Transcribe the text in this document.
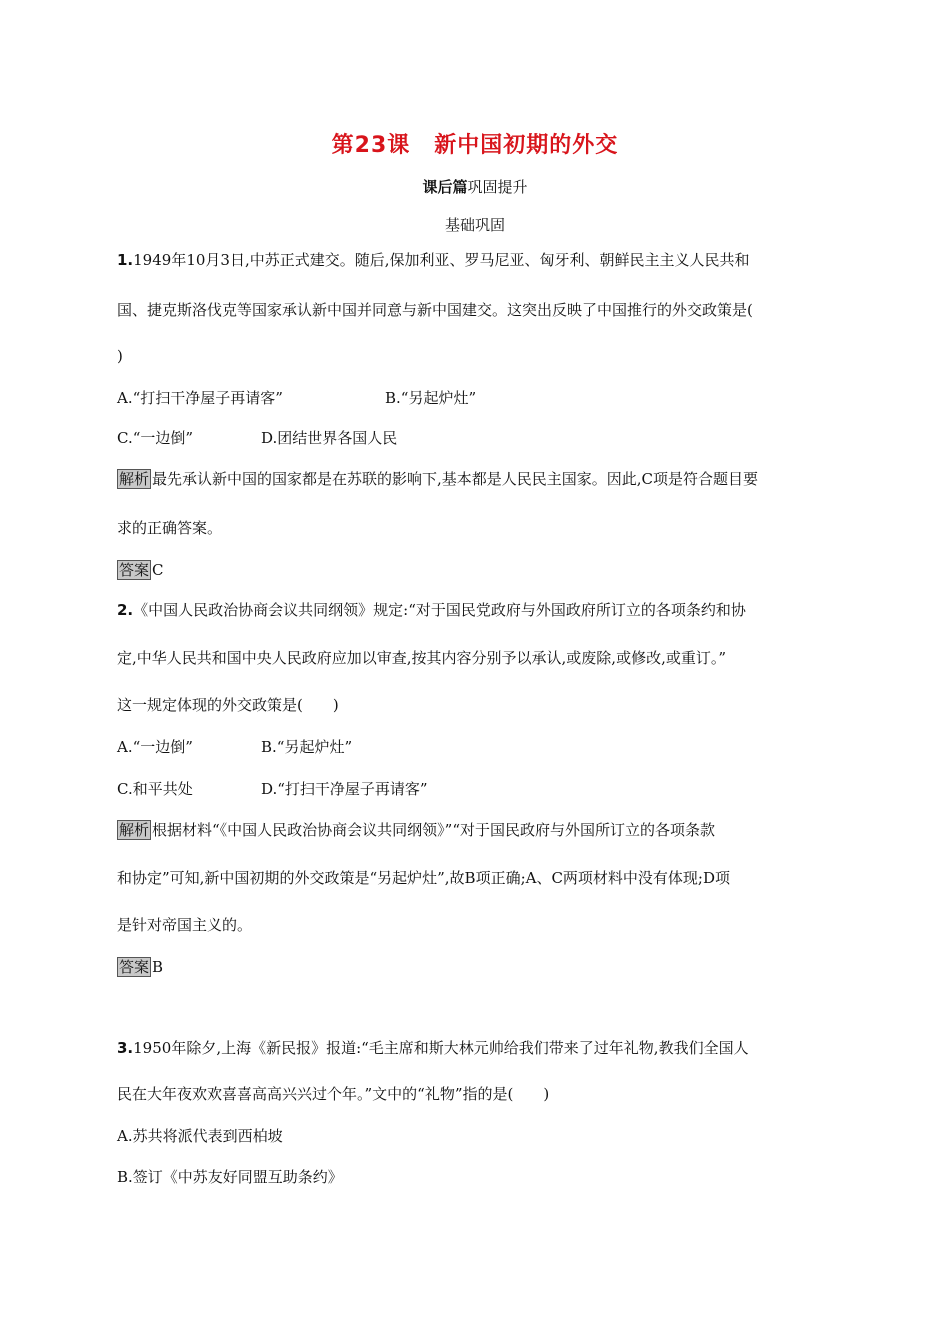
第23课 新中国初期的外交
课后篇巩固提升
基础巩固
1.1949年10月3日,中苏正式建交。随后,保加利亚、罗马尼亚、匈牙利、朝鲜民主主义人民共和
国、捷克斯洛伐克等国家承认新中国并同意与新中国建交。这突出反映了中国推行的外交政策是(
)
A.“打扫干净屋子再请客”	B.“另起炉灶”
C.“一边倒”	D.团结世界各国人民
解析 最先承认新中国的国家都是在苏联的影响下,基本都是人民民主国家。因此,C项是符合题目要
求的正确答案。
答案 C
2.《中国人民政治协商会议共同纲领》规定:“对于国民党政府与外国政府所订立的各项条约和协
定,中华人民共和国中央人民政府应加以审查,按其内容分别予以承认,或废除,或修改,或重订。”
这一规定体现的外交政策是(　　)
A.“一边倒”	B.“另起炉灶”
C.和平共处	D.“打扫干净屋子再请客”
解析 根据材料“《中国人民政治协商会议共同纲领》”“对于国民政府与外国所订立的各项条款
和协定”可知,新中国初期的外交政策是“另起炉灶”,故B项正确;A、C两项材料中没有体现;D项
是针对帝国主义的。
答案 B
3.1950年除夕,上海《新民报》报道:“毛主席和斯大林元帅给我们带来了过年礼物,教我们全国人
民在大年夜欢欢喜喜高高兴兴过个年。”文中的“礼物”指的是(　　)
A.苏共将派代表到西柏坡
B.签订《中苏友好同盟互助条约》
